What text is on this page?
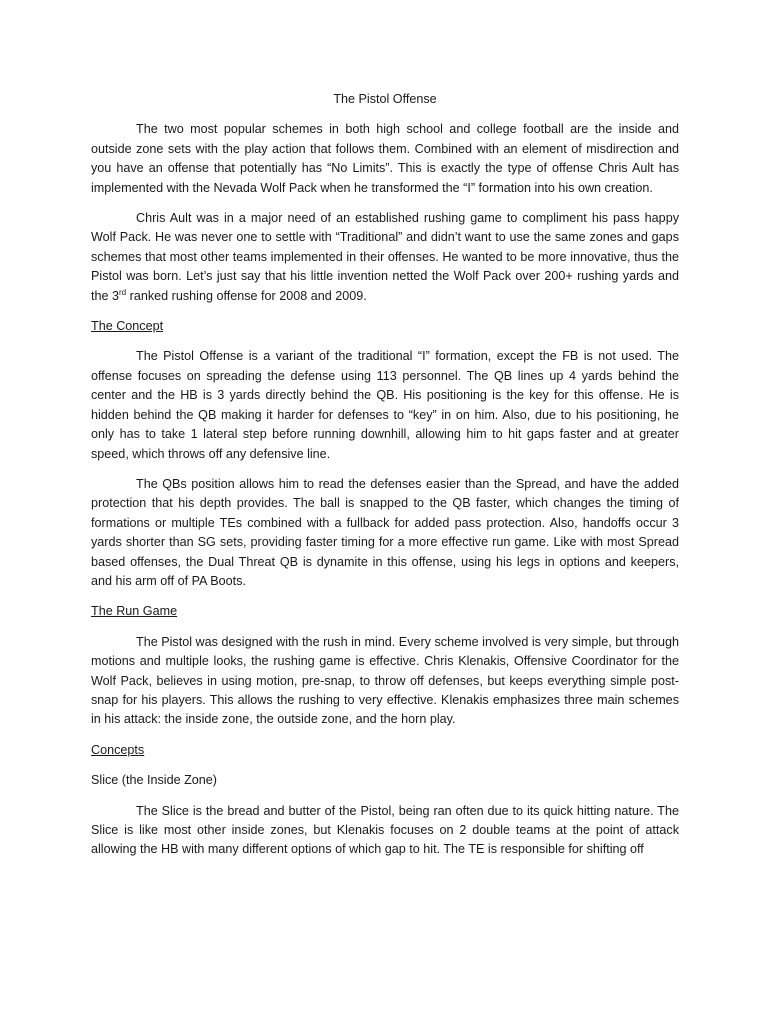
The Pistol Offense

The two most popular schemes in both high school and college football are the inside and outside zone sets with the play action that follows them. Combined with an element of misdirection and you have an offense that potentially has “No Limits”. This is exactly the type of offense Chris Ault has implemented with the Nevada Wolf Pack when he transformed the “I” formation into his own creation.

Chris Ault was in a major need of an established rushing game to compliment his pass happy Wolf Pack. He was never one to settle with “Traditional” and didn’t want to use the same zones and gaps schemes that most other teams implemented in their offenses. He wanted to be more innovative, thus the Pistol was born. Let’s just say that his little invention netted the Wolf Pack over 200+ rushing yards and the 3rd ranked rushing offense for 2008 and 2009.

The Concept

The Pistol Offense is a variant of the traditional “I” formation, except the FB is not used. The offense focuses on spreading the defense using 113 personnel. The QB lines up 4 yards behind the center and the HB is 3 yards directly behind the QB. His positioning is the key for this offense. He is hidden behind the QB making it harder for defenses to “key” in on him. Also, due to his positioning, he only has to take 1 lateral step before running downhill, allowing him to hit gaps faster and at greater speed, which throws off any defensive line.

The QBs position allows him to read the defenses easier than the Spread, and have the added protection that his depth provides. The ball is snapped to the QB faster, which changes the timing of formations or multiple TEs combined with a fullback for added pass protection. Also, handoffs occur 3 yards shorter than SG sets, providing faster timing for a more effective run game. Like with most Spread based offenses, the Dual Threat QB is dynamite in this offense, using his legs in options and keepers, and his arm off of PA Boots.

The Run Game

The Pistol was designed with the rush in mind. Every scheme involved is very simple, but through motions and multiple looks, the rushing game is effective. Chris Klenakis, Offensive Coordinator for the Wolf Pack, believes in using motion, pre-snap, to throw off defenses, but keeps everything simple post-snap for his players. This allows the rushing to very effective. Klenakis emphasizes three main schemes in his attack: the inside zone, the outside zone, and the horn play.

Concepts
Slice (the Inside Zone)

The Slice is the bread and butter of the Pistol, being ran often due to its quick hitting nature. The Slice is like most other inside zones, but Klenakis focuses on 2 double teams at the point of attack allowing the HB with many different options of which gap to hit. The TE is responsible for shifting off
